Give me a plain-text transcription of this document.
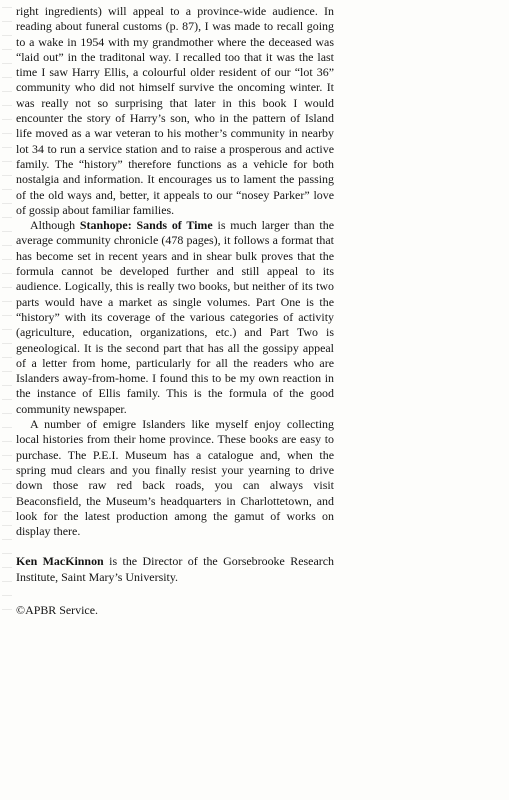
right ingredients) will appeal to a province-wide audience. In reading about funeral customs (p. 87), I was made to recall going to a wake in 1954 with my grandmother where the deceased was “laid out” in the traditonal way. I recalled too that it was the last time I saw Harry Ellis, a colourful older resident of our “lot 36” community who did not himself survive the oncoming winter. It was really not so surprising that later in this book I would encounter the story of Harry’s son, who in the pattern of Island life moved as a war veteran to his mother’s community in nearby lot 34 to run a service station and to raise a prosperous and active family. The “history” therefore functions as a vehicle for both nostalgia and information. It encourages us to lament the passing of the old ways and, better, it appeals to our “nosey Parker” love of gossip about familiar families.

Although Stanhope: Sands of Time is much larger than the average community chronicle (478 pages), it follows a format that has become set in recent years and in shear bulk proves that the formula cannot be developed further and still appeal to its audience. Logically, this is really two books, but neither of its two parts would have a market as single volumes. Part One is the “history” with its coverage of the various categories of activity (agriculture, education, organizations, etc.) and Part Two is geneological. It is the second part that has all the gossipy appeal of a letter from home, particularly for all the readers who are Islanders away-from-home. I found this to be my own reaction in the instance of Ellis family. This is the formula of the good community newspaper.

A number of emigre Islanders like myself enjoy collecting local histories from their home province. These books are easy to purchase. The P.E.I. Museum has a catalogue and, when the spring mud clears and you finally resist your yearning to drive down those raw red back roads, you can always visit Beaconsfield, the Museum’s headquarters in Charlottetown, and look for the latest production among the gamut of works on display there.

Ken MacKinnon is the Director of the Gorsebrooke Research Institute, Saint Mary’s University.

©APBR Service.
